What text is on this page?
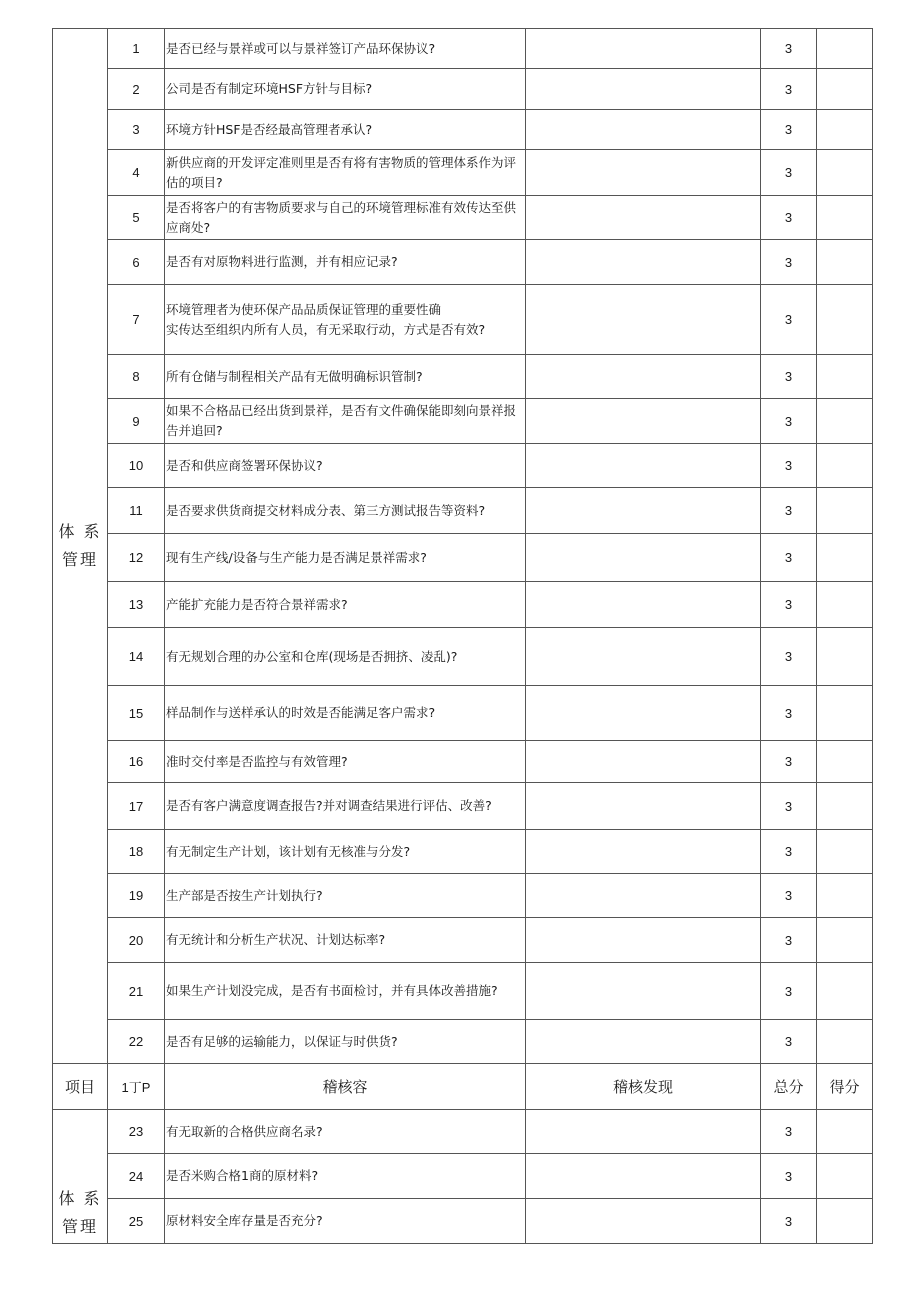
体 系
管理	1	是否已经与景祥或可以与景祥签订产品环保协议?		3	
	2	公司是否有制定环境HSF方针与目标?		3	
	3	环境方针HSF是否经最高管理者承认?		3	
	4	新供应商的开发评定准则里是否有将有害物质的管理体系作为评估的项目?		3	
	5	是否将客户的有害物质要求与自己的环境管理标准有效传达至供应商处?		3	
	6	是否有对原物料进行监测，并有相应记录?		3	
	7	环境管理者为使环保产品品质保证管理的重要性确
实传达至组织内所有人员，有无采取行动，方式是否有效?		3	
	8	所有仓储与制程相关产品有无做明确标识管制?		3	
	9	如果不合格品已经出货到景祥，是否有文件确保能即刻向景祥报告并追回?		3	
	10	是否和供应商签署环保协议?		3	
	11	是否要求供货商提交材料成分表、第三方测试报告等资料?		3	
	12	现有生产线/设备与生产能力是否满足景祥需求?		3	
	13	产能扩充能力是否符合景祥需求?		3	
	14	有无规划合理的办公室和仓库(现场是否拥挤、凌乱)?		3	
	15	样品制作与送样承认的时效是否能满足客户需求?		3	
	16	准时交付率是否监控与有效管理?		3	
	17	是否有客户满意度调查报告?并对调查结果进行评估、改善?		3	
	18	有无制定生产计划，该计划有无核准与分发?		3	
	19	生产部是否按生产计划执行?		3	
	20	有无统计和分析生产状况、计划达标率?		3	
	21	如果生产计划没完成，是否有书面检讨，并有具体改善措施?		3	
	22	是否有足够的运输能力，以保证与时供货?		3	
项目	1丁P	稽核容	稽核发现	总分	得分
体 系
管理	23	有无取新的合格供应商名录?		3	
	24	是否米购合格1商的原材料?		3	
	25	原材料安全库存量是否充分?		3	
